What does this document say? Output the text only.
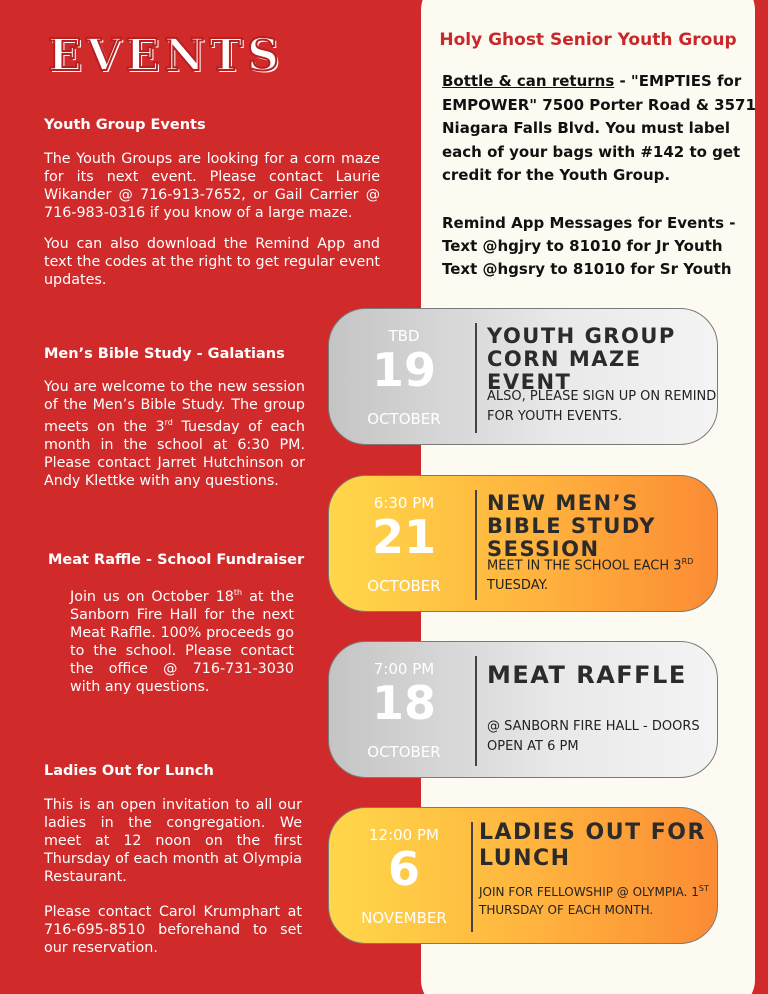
EVENTS
Youth Group Events
The Youth Groups are looking for a corn maze for its next event. Please contact Laurie Wikander @ 716-913-7652, or Gail Carrier @ 716-983-0316 if you know of a large maze.
You can also download the Remind App and text the codes at the right to get regular event updates.
Men’s Bible Study - Galatians
You are welcome to the new session of the Men’s Bible Study. The group meets on the 3rd Tuesday of each month in the school at 6:30 PM. Please contact Jarret Hutchinson or Andy Klettke with any questions.
Meat Raffle - School Fundraiser
Join us on October 18th at the Sanborn Fire Hall for the next Meat Raffle. 100% proceeds go to the school. Please contact the office @ 716-731-3030 with any questions.
Ladies Out for Lunch
This is an open invitation to all our ladies in the congregation. We meet at 12 noon on the first Thursday of each month at Olympia Restaurant.
Please contact Carol Krumphart at 716-695-8510 beforehand to set our reservation.
Holy Ghost Senior Youth Group
Bottle & can returns - "EMPTIES for EMPOWER" 7500 Porter Road & 3571 Niagara Falls Blvd. You must label each of your bags with #142 to get credit for the Youth Group.
Remind App Messages for Events -
Text @hgjry to 81010 for Jr Youth
Text @hgsry to 81010 for Sr Youth
TBD
19
OCTOBER
YOUTH GROUP CORN MAZE EVENT
ALSO, PLEASE SIGN UP ON REMIND FOR YOUTH EVENTS.
6:30 PM
21
OCTOBER
NEW MEN’S BIBLE STUDY SESSION
MEET IN THE SCHOOL EACH 3RD TUESDAY.
7:00 PM
18
OCTOBER
MEAT RAFFLE
@ SANBORN FIRE HALL - DOORS OPEN AT 6 PM
12:00 PM
6
NOVEMBER
LADIES OUT FOR LUNCH
JOIN FOR FELLOWSHIP @ OLYMPIA. 1ST THURSDAY OF EACH MONTH.
